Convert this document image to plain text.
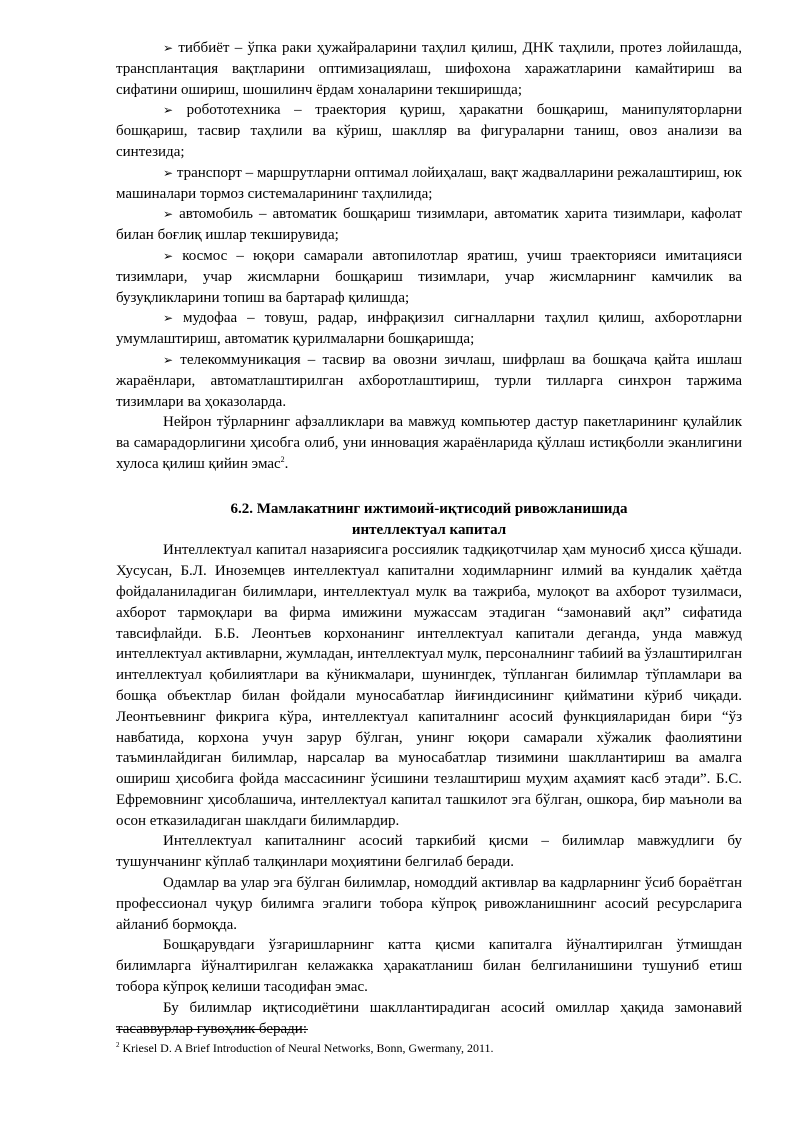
➢ тиббиёт – ўпка раки ҳужайраларини таҳлил қилиш, ДНК таҳлили, протез лойилашда, трансплантация вақтларини оптимизациялаш, шифохона харажатларини камайтириш ва сифатини ошириш, шошилинч ёрдам хоналарини текширишда;

➢ робототехника – траектория қуриш, ҳаракатни бошқариш, манипуляторларни бошқариш, тасвир таҳлили ва кўриш, шаклляр ва фигураларни таниш, овоз анализи ва синтезида;

➢ транспорт – маршрутларни оптимал лойиҳалаш, вақт жадвалларини режалаштириш, юк машиналари тормоз системаларининг таҳлилида;

➢ автомобиль – автоматик бошқариш тизимлари, автоматик харита тизимлари, кафолат билан боғлиқ ишлар текширувида;

➢ космос – юқори самарали автопилотлар яратиш, учиш траекторияси имитацияси тизимлари, учар жисмларни бошқариш тизимлари, учар жисмларнинг камчилик ва бузуқликларини топиш ва бартараф қилишда;

➢ мудофаа – товуш, радар, инфрақизил сигналларни таҳлил қилиш, ахборотларни умумлаштириш, автоматик қурилмаларни бошқаришда;

➢ телекоммуникация – тасвир ва овозни зичлаш, шифрлаш ва бошқача қайта ишлаш жараёнлари, автоматлаштирилган ахборотлаштириш, турли тилларга синхрон таржима тизимлари ва ҳоказоларда.

Нейрон тўрларнинг афзалликлари ва мавжуд компьютер дастур пакетларининг қулайлик ва самарадорлигини ҳисобга олиб, уни инновация жараёнларида қўллаш истиқболли эканлигини хулоса қилиш қийин эмас$^2$.

6.2. Мамлакатнинг ижтимоий-иқтисодий ривожланишида
интеллектуал капитал

Интеллектуал капитал назариясига россиялик тадқиқотчилар ҳам муносиб ҳисса қўшади. Хусусан, Б.Л. Иноземцев интеллектуал капитални ходимларнинг илмий ва кундалик ҳаётда фойдаланиладиган билимлари, интеллектуал мулк ва тажриба, мулоқот ва ахборот тузилмаси, ахборот тармоқлари ва фирма имижини мужассам этадиган “замонавий ақл” сифатида тавсифлайди. Б.Б. Леонтьев корхонанинг интеллектуал капитали деганда, унда мавжуд интеллектуал активларни, жумладан, интеллектуал мулк, персоналнинг табиий ва ўзлаштирилган интеллектуал қобилиятлари ва кўникмалари, шунингдек, тўпланган билимлар тўпламлари ва бошқа объектлар билан фойдали муносабатлар йиғиндисининг қийматини кўриб чиқади. Леонтьевнинг фикрига кўра, интеллектуал капиталнинг асосий функцияларидан бири “ўз навбатида, корхона учун зарур бўлган, унинг юқори самарали хўжалик фаолиятини таъминлайдиган билимлар, нарсалар ва муносабатлар тизимини шакллантириш ва амалга ошириш ҳисобига фойда массасининг ўсишини тезлаштириш муҳим аҳамият касб этади”. Б.С. Ефремовнинг ҳисоблашича, интеллектуал капитал ташкилот эга бўлган, ошкора, бир маъноли ва осон етказиладиган шаклдаги билимлардир.

Интеллектуал капиталнинг асосий таркибий қисми – билимлар мавжудлиги бу тушунчанинг кўплаб талқинлари моҳиятини белгилаб беради.

Одамлар ва улар эга бўлган билимлар, номоддий активлар ва кадрларнинг ўсиб бораётган профессионал чуқур билимга эгалиги тобора кўпроқ ривожланишнинг асосий ресурсларига айланиб бормоқда.

Бошқарувдаги ўзгаришларнинг катта қисми капиталга йўналтирилган ўтмишдан билимларга йўналтирилган келажакка ҳаракатланиш билан белгиланишини тушуниб етиш тобора кўпроқ келиши тасодифан эмас.

Бу билимлар иқтисодиётини шакллантирадиган асосий омиллар ҳақида замонавий тасаввурлар гувоҳлик беради:

$^2$ Kriesel D. A Brief Introduction of Neural Networks, Bonn, Gwermany, 2011.
